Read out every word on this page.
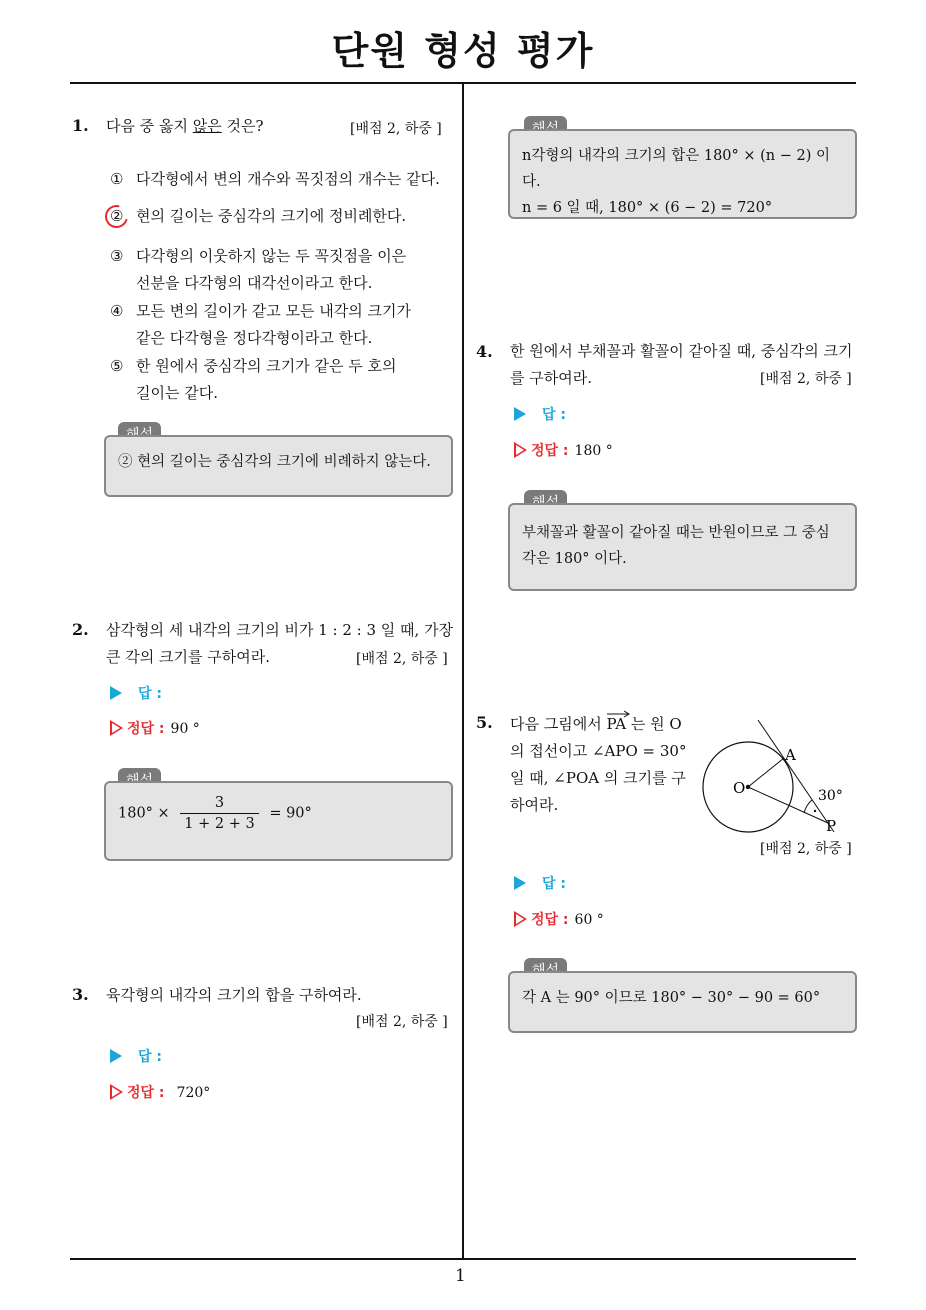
단원 형성 평가
1
1. 다음 중 옳지 않은 것은?	[배점 2, 하중 ]
① 다각형에서 변의 개수와 꼭짓점의 개수는 같다.
② 현의 길이는 중심각의 크기에 정비례한다.
③ 다각형의 이웃하지 않는 두 꼭짓점을 이은
선분을 다각형의 대각선이라고 한다.
④ 모든 변의 길이가 같고 모든 내각의 크기가
같은 다각형을 정다각형이라고 한다.
⑤ 한 원에서 중심각의 크기가 같은 두 호의
길이는 같다.
② 현의 길이는 중심각의 크기에 비례하지 않는다.
2. 삼각형의 세 내각의 크기의 비가 1 : 2 : 3 일 때, 가장
큰 각의 크기를 구하여라.	[배점 2, 하중 ]
답 :
정답 : 90 °
$180^\circ \times \frac{3}{1 + 2 + 3} = 90^\circ$
3. 육각형의 내각의 크기의 합을 구하여라.
[배점 2, 하중 ]
답 :
정답 : 720°
n각형의 내각의 크기의 합은 180° × (n − 2) 이다.
n = 6 일 때, 180° × (6 − 2) = 720°
4. 한 원에서 부채꼴과 활꼴이 같아질 때, 중심각의 크기
를 구하여라.	[배점 2, 하중 ]
답 :
정답 : 180 °
부채꼴과 활꼴이 같아질 때는 반원이므로 그 중심
각은 180° 이다.
5. 다음 그림에서 PA 는 원 O
의 접선이고 ∠APO = 30°
일 때, ∠POA 의 크기를 구
하여라.
O
A
P
30°
[배점 2, 하중 ]
답 :
정답 : 60 °
각 A 는 90° 이므로 180° − 30° − 90 = 60°
